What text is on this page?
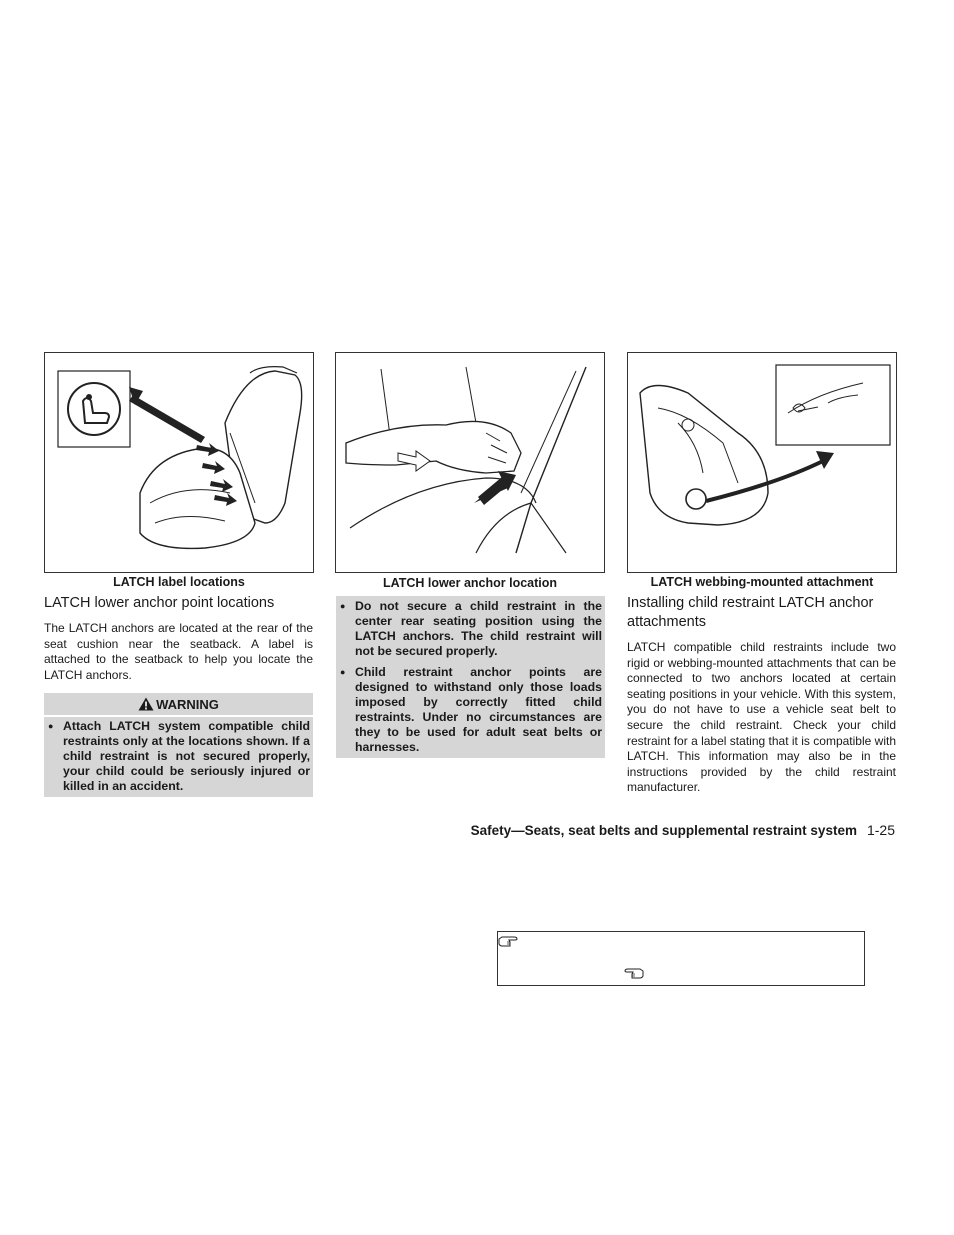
LATCH label locations	LATCH lower anchor location	LATCH webbing-mounted attachment
LATCH lower anchor point locations
The LATCH anchors are located at the rear of the seat cushion near the seatback. A label is attached to the seatback to help you locate the LATCH anchors.
WARNING
● Attach LATCH system compatible child restraints only at the locations shown. If a child restraint is not secured properly, your child could be seriously injured or killed in an accident.
● Do not secure a child restraint in the center rear seating position using the LATCH anchors. The child restraint will not be secured properly.
● Child restraint anchor points are designed to withstand only those loads imposed by correctly fitted child restraints. Under no circumstances are they to be used for adult seat belts or harnesses.
Installing child restraint LATCH anchor attachments
LATCH compatible child restraints include two rigid or webbing-mounted attachments that can be connected to two anchors located at certain seating positions in your vehicle. With this system, you do not have to use a vehicle seat belt to secure the child restraint. Check your child restraint for a label stating that it is compatible with LATCH. This information may also be in the instructions provided by the child restraint manufacturer.
Safety—Seats, seat belts and supplemental restraint system 1-25
